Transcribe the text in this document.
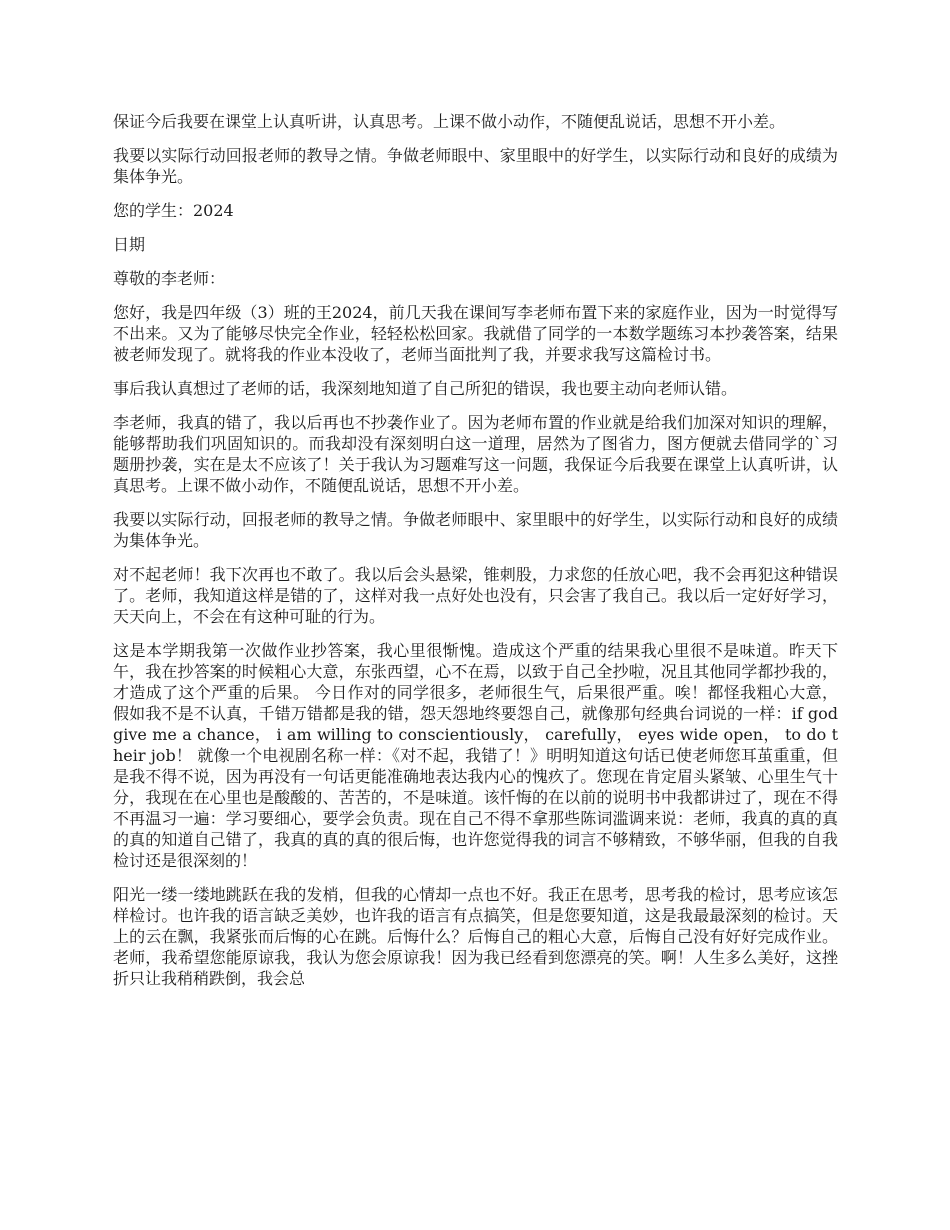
保证今后我要在课堂上认真听讲，认真思考。上课不做小动作，不随便乱说话，思想不开小差。

我要以实际行动回报老师的教导之情。争做老师眼中、家里眼中的好学生，以实际行动和良好的成绩为集体争光。

您的学生：2024

日期

尊敬的李老师：

您好，我是四年级（3）班的王2024，前几天我在课间写李老师布置下来的家庭作业，因为一时觉得写不出来。又为了能够尽快完全作业，轻轻松松回家。我就借了同学的一本数学题练习本抄袭答案，结果被老师发现了。就将我的作业本没收了，老师当面批判了我，并要求我写这篇检讨书。

事后我认真想过了老师的话，我深刻地知道了自己所犯的错误，我也要主动向老师认错。

李老师，我真的错了，我以后再也不抄袭作业了。因为老师布置的作业就是给我们加深对知识的理解，能够帮助我们巩固知识的。而我却没有深刻明白这一道理，居然为了图省力，图方便就去借同学的`习题册抄袭，实在是太不应该了！关于我认为习题难写这一问题，我保证今后我要在课堂上认真听讲，认真思考。上课不做小动作，不随便乱说话，思想不开小差。

我要以实际行动，回报老师的教导之情。争做老师眼中、家里眼中的好学生，以实际行动和良好的成绩为集体争光。

对不起老师！我下次再也不敢了。我以后会头悬梁，锥刺股，力求您的任放心吧，我不会再犯这种错误了。老师，我知道这样是错的了，这样对我一点好处也没有，只会害了我自己。我以后一定好好学习，天天向上，不会在有这种可耻的行为。

这是本学期我第一次做作业抄答案，我心里很惭愧。造成这个严重的结果我心里很不是味道。昨天下午，我在抄答案的时候粗心大意，东张西望，心不在焉，以致于自己全抄啦，况且其他同学都抄我的，才造成了这个严重的后果。 今日作对的同学很多，老师很生气，后果很严重。唉！都怪我粗心大意，假如我不是不认真，千错万错都是我的错，怨天怨地终要怨自己，就像那句经典台词说的一样：if god give me a chance， i am willing to conscientiously， carefully， eyes wide open， to do their job！ 就像一个电视剧名称一样：《对不起，我错了！》明明知道这句话已使老师您耳茧重重，但是我不得不说，因为再没有一句话更能准确地表达我内心的愧疚了。您现在肯定眉头紧皱、心里生气十分，我现在在心里也是酸酸的、苦苦的，不是味道。该忏悔的在以前的说明书中我都讲过了，现在不得不再温习一遍：学习要细心，要学会负责。现在自己不得不拿那些陈词滥调来说：老师，我真的真的真的真的知道自己错了，我真的真的真的很后悔，也许您觉得我的词言不够精致，不够华丽，但我的自我检讨还是很深刻的！

阳光一缕一缕地跳跃在我的发梢，但我的心情却一点也不好。我正在思考，思考我的检讨，思考应该怎样检讨。也许我的语言缺乏美妙，也许我的语言有点搞笑，但是您要知道，这是我最最深刻的检讨。天上的云在飘，我紧张而后悔的心在跳。后悔什么？后悔自己的粗心大意，后悔自己没有好好完成作业。老师，我希望您能原谅我，我认为您会原谅我！因为我已经看到您漂亮的笑。啊！人生多么美好，这挫折只让我稍稍跌倒，我会总
